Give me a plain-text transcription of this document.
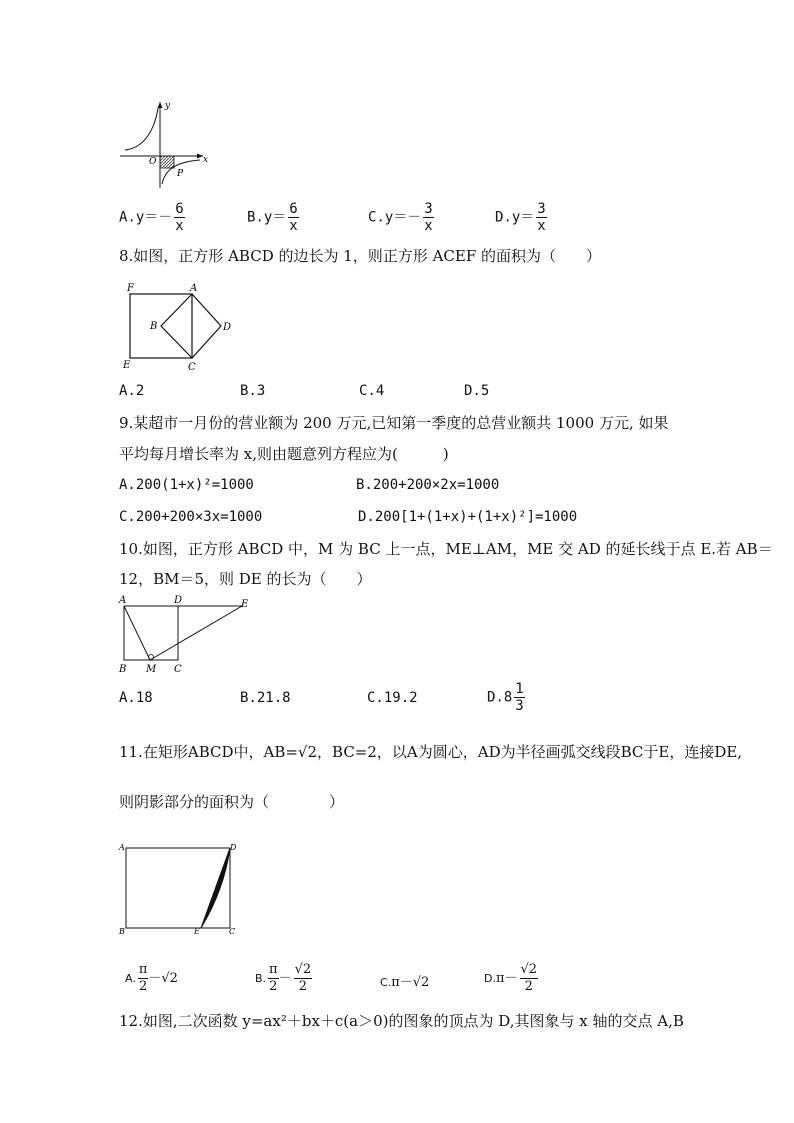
y
x
O
P
$A.y=- \frac{6}{x}$	$B.y= \frac{6}{x}$	$C.y=- \frac{3}{x}$	$D.y= \frac{3}{x}$
8.如图，正方形 ABCD 的边长为 1，则正方形 ACEF 的面积为（　　）
F	A
B	D
E	C
A.2	B.3	C.4	D.5
9.某超市一月份的营业额为 200 万元,已知第一季度的总营业额共 1000 万元, 如果
平均每月增长率为 x,则由题意列方程应为(　　　)
A.200(1+x)²=1000	B.200+200×2x=1000
C.200+200×3x=1000	D.200[1+(1+x)+(1+x)²]=1000
10.如图，正方形 ABCD 中，M 为 BC 上一点，ME⊥AM，ME 交 AD 的延长线于点 E.若 AB＝
12，BM＝5，则 DE 的长为（　　）
A	D	E
B M C
A.18	B.21.8	C.19.2	$D.8 \frac{1}{3}$
11.在矩形ABCD中，AB=√2，BC=2，以A为圆心，AD为半径画弧交线段BC于E，连接DE,
则阴影部分的面积为（　　　　）
A	D
B	E	C
A. $\frac{\pi}{2} -√2$	B. $\frac{\pi}{2} - \frac{√2}{2}$	C.π－√2	$D.\pi- \frac{√2}{2}$
12.如图,二次函数 y=ax²＋bx＋c(a＞0)的图象的顶点为 D,其图象与 x 轴的交点 A,B
